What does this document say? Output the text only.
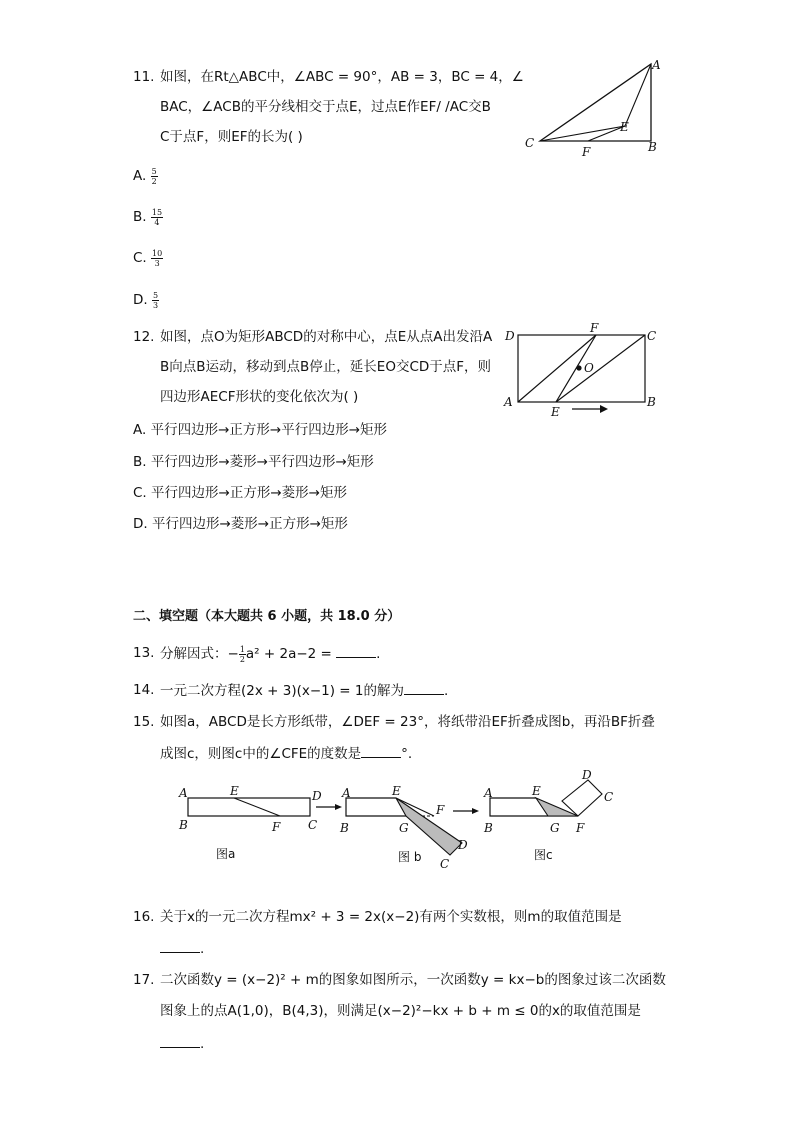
11. 如图，在Rt△ABC中，∠ABC = 90°，AB = 3，BC = 4，∠
BAC，∠ACB的平分线相交于点E，过点E作EF/ /AC交B
C于点F，则EF的长为( )
A. $\frac{5}{2}$
B. $\frac{15}{4}$
C. $\frac{10}{3}$
D. $\frac{5}{3}$
A
B
C
E
F
12. 如图，点O为矩形ABCD的对称中心，点E从点A出发沿A
B向点B运动，移动到点B停止，延长EO交CD于点F，则
四边形AECF形状的变化依次为( )
A. 平行四边形→正方形→平行四边形→矩形
B. 平行四边形→菱形→平行四边形→矩形
C. 平行四边形→正方形→菱形→矩形
D. 平行四边形→菱形→正方形→矩形
D
F
C
O
A
E
B
二、填空题（本大题共 6 小题，共 18.0 分）
13. 分解因式：− $\frac{1}{2} a^2 + 2a-2$ =	.
14. 一元二次方程(2x + 3)(x−1) = 1的解为	.
15. 如图a，ABCD是长方形纸带，∠DEF = 23°，将纸带沿EF折叠成图b，再沿BF折叠
成图c，则图c中的∠CFE的度数是	°.
A	E	D
B	F C
图a
A	E
F
B	G
D
C
图 b
A	E
D
C
B	G F
图c
16. 关于x的一元二次方程mx² + 3 = 2x(x−2)有两个实数根，则m的取值范围是
.
17. 二次函数y = (x−2)² + m的图象如图所示，一次函数y = kx−b的图象过该二次函数
图象上的点A(1,0)，B(4,3)，则满足(x−2)²−kx + b + m ≤ 0的x的取值范围是
.
